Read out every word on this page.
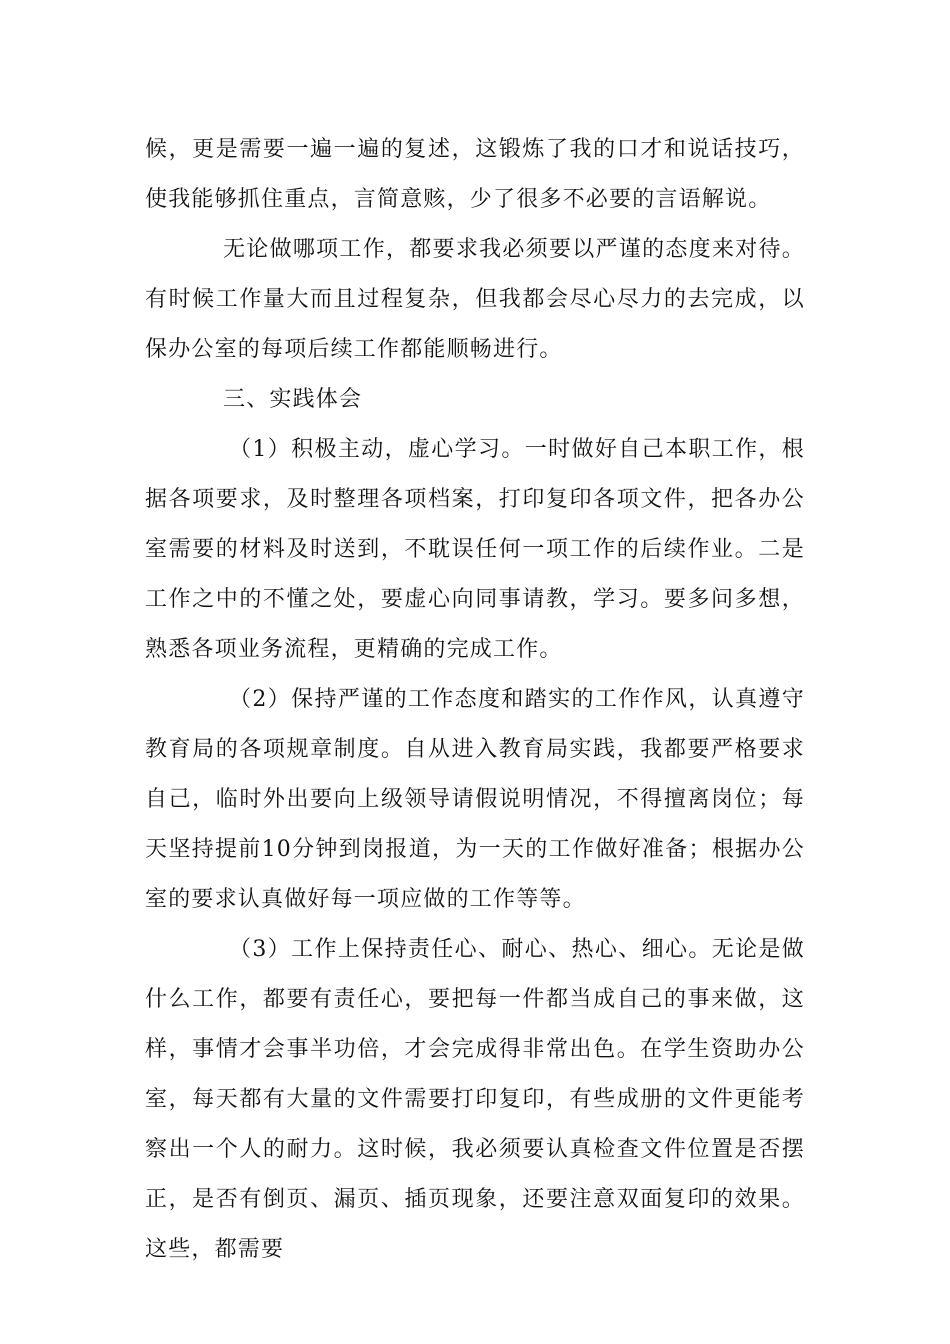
候，更是需要一遍一遍的复述，这锻炼了我的口才和说话技巧，使我能够抓住重点，言简意赅，少了很多不必要的言语解说。

无论做哪项工作，都要求我必须要以严谨的态度来对待。有时候工作量大而且过程复杂，但我都会尽心尽力的去完成，以保办公室的每项后续工作都能顺畅进行。

三、实践体会

（1）积极主动，虚心学习。一时做好自己本职工作，根据各项要求，及时整理各项档案，打印复印各项文件，把各办公室需要的材料及时送到，不耽误任何一项工作的后续作业。二是工作之中的不懂之处，要虚心向同事请教，学习。要多问多想，熟悉各项业务流程，更精确的完成工作。

（2）保持严谨的工作态度和踏实的工作作风，认真遵守教育局的各项规章制度。自从进入教育局实践，我都要严格要求自己，临时外出要向上级领导请假说明情况，不得擅离岗位；每天坚持提前10分钟到岗报道，为一天的工作做好准备；根据办公室的要求认真做好每一项应做的工作等等。

（3）工作上保持责任心、耐心、热心、细心。无论是做什么工作，都要有责任心，要把每一件都当成自己的事来做，这样，事情才会事半功倍，才会完成得非常出色。在学生资助办公室，每天都有大量的文件需要打印复印，有些成册的文件更能考察出一个人的耐力。这时候，我必须要认真检查文件位置是否摆正，是否有倒页、漏页、插页现象，还要注意双面复印的效果。这些，都需要
